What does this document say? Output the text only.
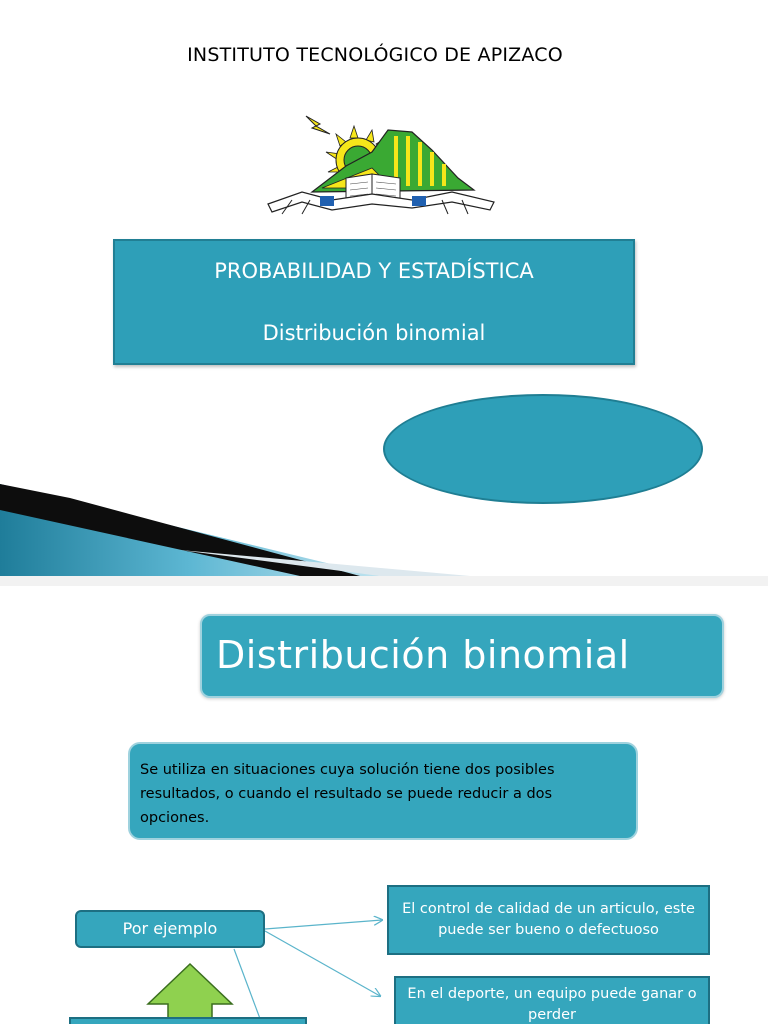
INSTITUTO TECNOLÓGICO DE APIZACO
PROBABILIDAD Y ESTADÍSTICA
Distribución binomial
Distribución binomial
Se utiliza en situaciones cuya solución tiene dos posibles resultados, o cuando el resultado se puede reducir a dos opciones.
Por ejemplo
El control de calidad de un articulo, este puede ser bueno o defectuoso
En el deporte, un equipo puede ganar o perder
